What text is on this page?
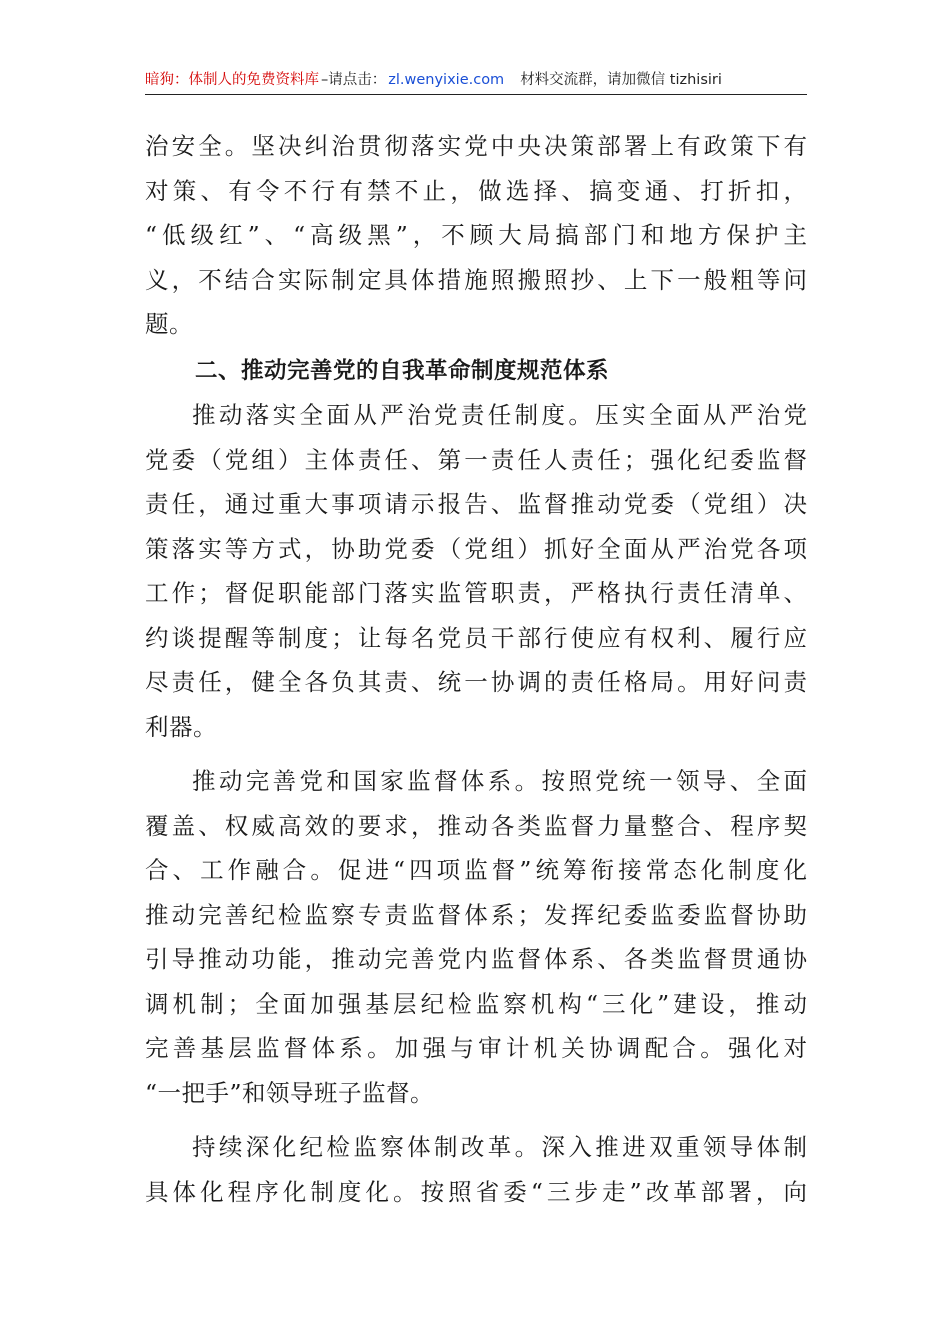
暗狗：体制人的免费资料库 –请点击： zl.wenyixie.com 材料交流群，请加微信 tizhisiri
治安全。坚决纠治贯彻落实党中央决策部署上有政策下有
对策、有令不行有禁不止，做选择、搞变通、打折扣，
“低级红”、“高级黑”，不顾大局搞部门和地方保护主
义，不结合实际制定具体措施照搬照抄、上下一般粗等问
题。
二、推动完善党的自我革命制度规范体系
推动落实全面从严治党责任制度。压实全面从严治党
党委（党组）主体责任、第一责任人责任；强化纪委监督
责任，通过重大事项请示报告、监督推动党委（党组）决
策落实等方式，协助党委（党组）抓好全面从严治党各项
工作；督促职能部门落实监管职责，严格执行责任清单、
约谈提醒等制度；让每名党员干部行使应有权利、履行应
尽责任，健全各负其责、统一协调的责任格局。用好问责
利器。
推动完善党和国家监督体系。按照党统一领导、全面
覆盖、权威高效的要求，推动各类监督力量整合、程序契
合、工作融合。促进“四项监督”统筹衔接常态化制度化
推动完善纪检监察专责监督体系；发挥纪委监委监督协助
引导推动功能，推动完善党内监督体系、各类监督贯通协
调机制；全面加强基层纪检监察机构“三化”建设，推动
完善基层监督体系。加强与审计机关协调配合。强化对
“一把手”和领导班子监督。
持续深化纪检监察体制改革。深入推进双重领导体制
具体化程序化制度化。按照省委“三步走”改革部署，向
